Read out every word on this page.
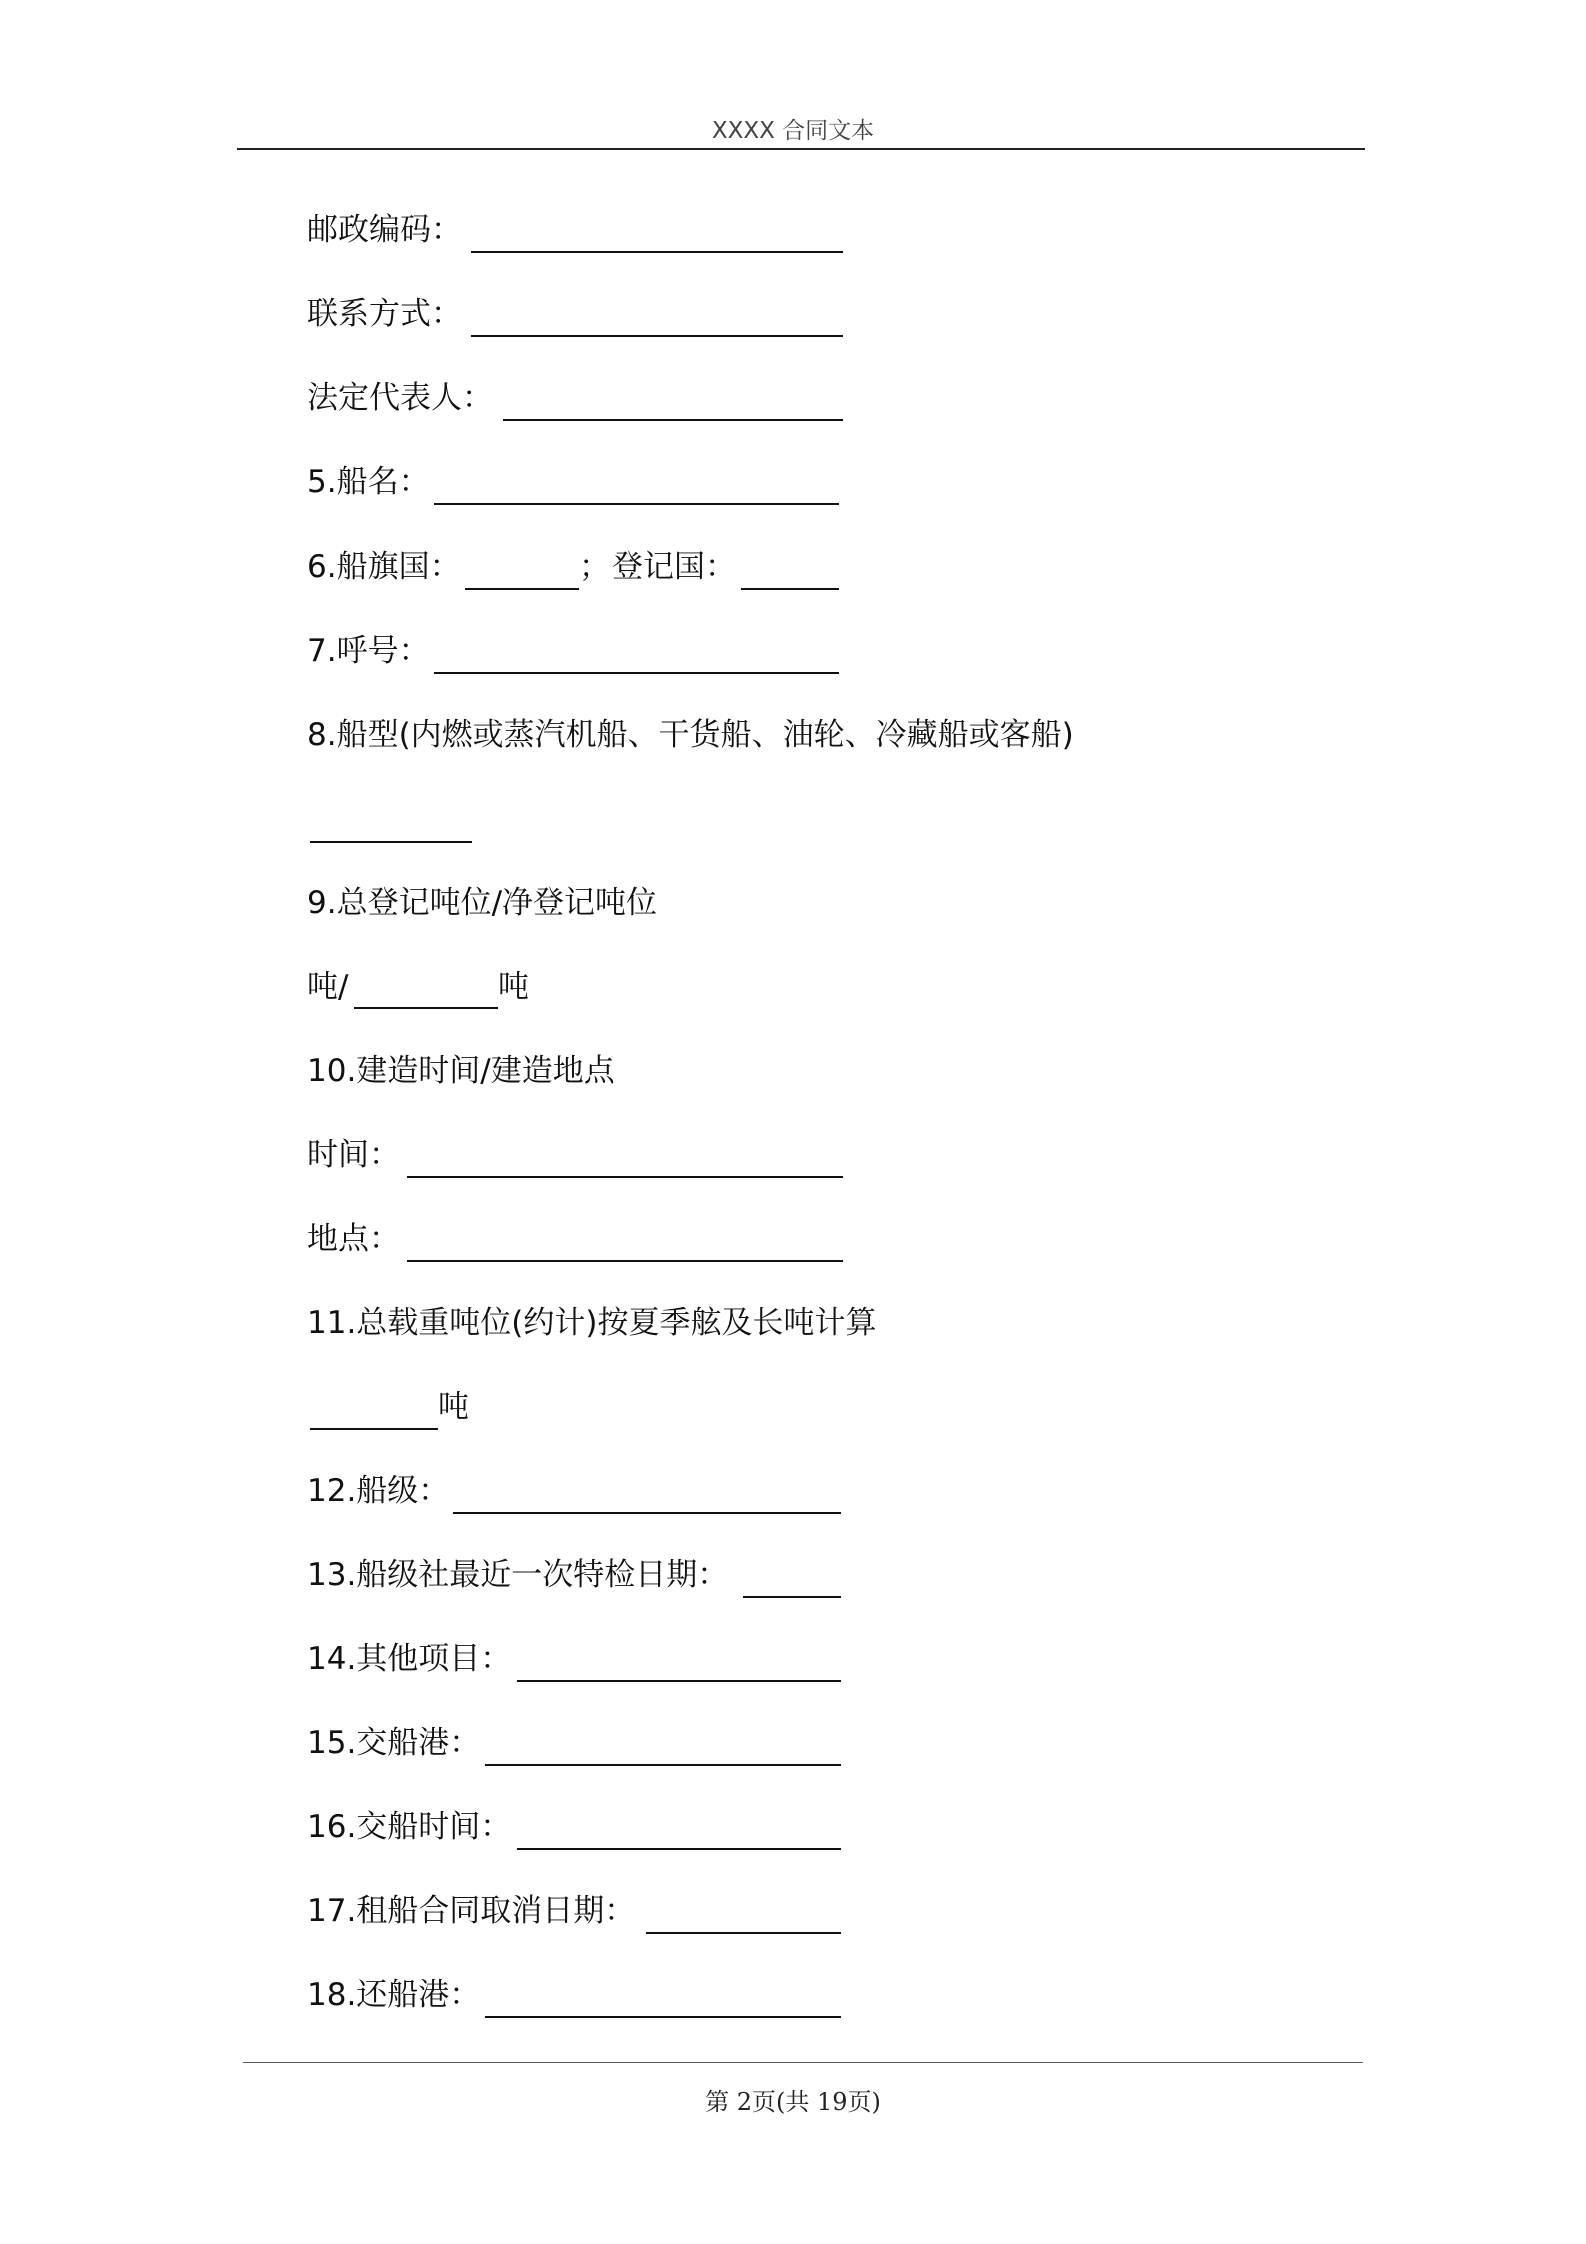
XXXX 合同文本
邮政编码：
联系方式：
法定代表人：
5.船名：
6.船旗国：	； 登记国：
7.呼号：
8.船型(内燃或蒸汽机船、干货船、油轮、冷藏船或客船)
9.总登记吨位/净登记吨位
吨/	吨
10.建造时间/建造地点
时间：
地点：
11.总载重吨位(约计)按夏季舷及长吨计算
吨
12.船级：
13.船级社最近一次特检日期：
14.其他项目：
15.交船港：
16.交船时间：
17.租船合同取消日期：
18.还船港：
第 2页(共 19页)
